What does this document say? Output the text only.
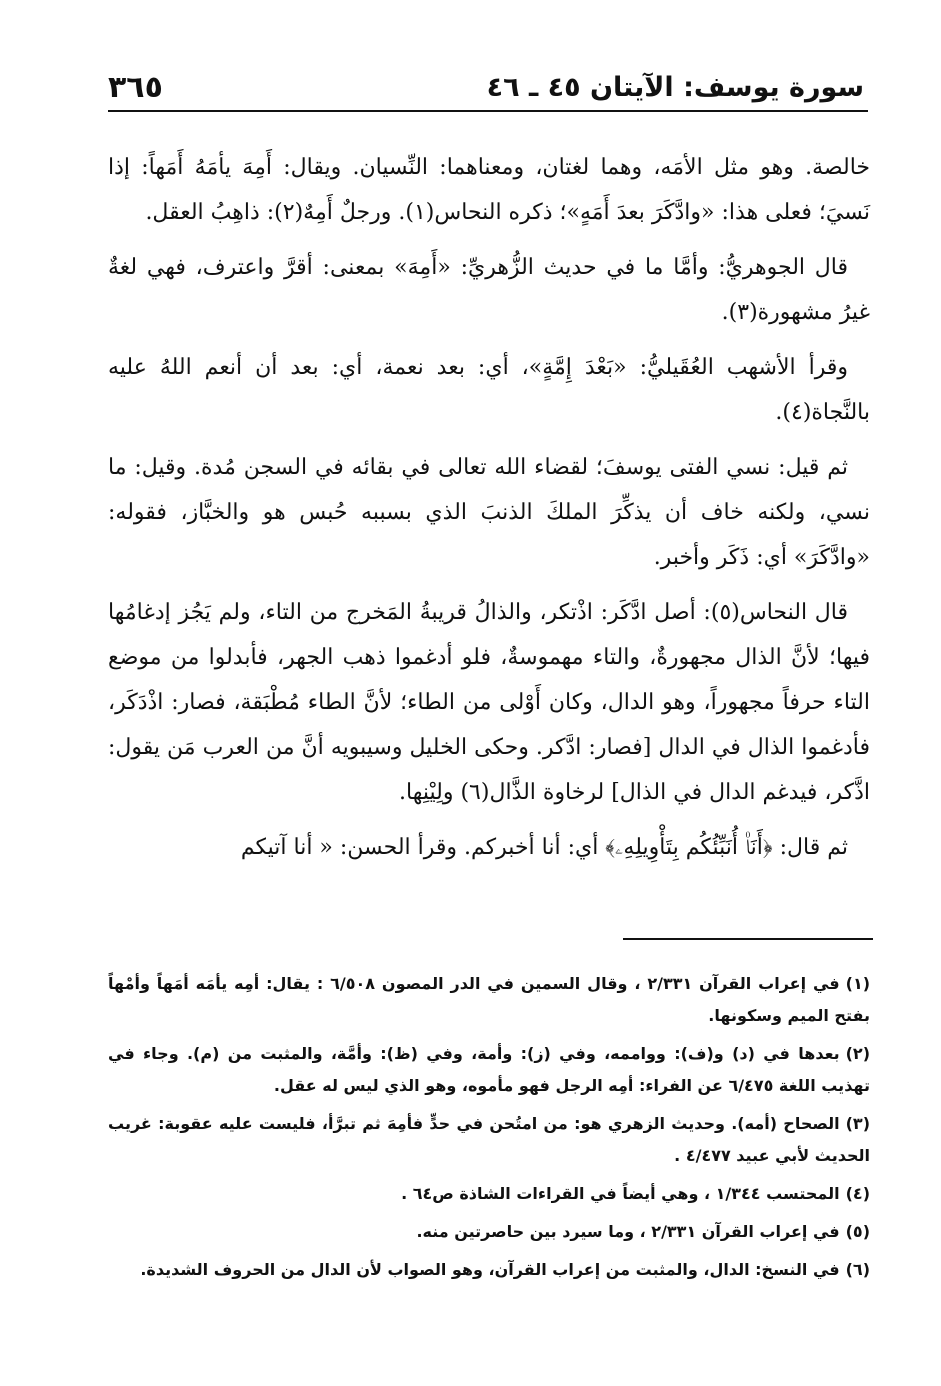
سورة يوسف: الآيتان ٤٥ ـ ٤٦
٣٦٥

خالصة. وهو مثل الأمَه، وهما لغتان، ومعناهما: النِّسيان. ويقال: أَمِهَ يأمَهُ أَمَهاً: إذا نَسيَ؛ فعلى هذا: «وادَّكَرَ بعدَ أَمَهٍ»؛ ذكره النحاس(١). ورجلٌ أَمِهٌ(٢): ذاهِبُ العقل.

قال الجوهريُّ: وأمَّا ما في حديث الزُّهريِّ: «أَمِهَ» بمعنى: أقرَّ واعترف، فهي لغةٌ غيرُ مشهورة(٣).

وقرأ الأشهب العُقَيليُّ: «بَعْدَ إِمَّةٍ»، أي: بعد نعمة، أي: بعد أن أنعم اللهُ عليه بالنَّجاة(٤).

ثم قيل: نسي الفتى يوسفَ؛ لقضاء الله تعالى في بقائه في السجن مُدة. وقيل: ما نسي، ولكنه خاف أن يذكِّرَ الملكَ الذنبَ الذي بسببه حُبس هو والخبَّاز، فقوله: «وادَّكَرَ» أي: ذَكَر وأخبر.

قال النحاس(٥): أصل ادَّكَر: اذْتكر، والذالُ قريبةُ المَخرج من التاء، ولم يَجُز إدغامُها فيها؛ لأنَّ الذال مجهورةٌ، والتاء مهموسةٌ، فلو أدغموا ذهب الجهر، فأبدلوا من موضع التاء حرفاً مجهوراً، وهو الدال، وكان أَوْلى من الطاء؛ لأنَّ الطاء مُطْبَقة، فصار: اذْدَكَر، فأدغموا الذال في الدال [فصار: ادَّكر. وحكى الخليل وسيبويه أنَّ من العرب مَن يقول: اذَّكر، فيدغم الدال في الذال] لرخاوة الذَّال(٦) ولِيْنِها.

ثم قال: ﴿أَنَا۠ أُنَبِّئُكُم بِتَأْوِيلِهِۦ﴾ أي: أنا أخبركم. وقرأ الحسن: « أنا آتيكم

(١)في إعراب القرآن ٢/٣٣١ ، وقال السمين في الدر المصون ٦/٥٠٨ : يقال: أمِه يأمَه أمَهاً وأمْهاً بفتح الميم وسكونها.

(٢)بعدها في (د) و(ف): وواممه، وفي (ز): وأمة، وفي (ظ): وأمَّة، والمثبت من (م). وجاء في تهذيب اللغة ٦/٤٧٥ عن الفراء: أمِه الرجل فهو مأموه، وهو الذي ليس له عقل.

(٣)الصحاح (أمه). وحديث الزهري هو: من امتُحن في حدٍّ فأمِهَ ثم تبرَّأ، فليست عليه عقوبة: غريب الحديث لأبي عبيد ٤/٤٧٧ .

(٤)المحتسب ١/٣٤٤ ، وهي أيضاً في القراءات الشاذة ص٦٤ .

(٥)في إعراب القرآن ٢/٣٣١ ، وما سيرد بين حاصرتين منه.

(٦)في النسخ: الدال، والمثبت من إعراب القرآن، وهو الصواب لأن الدال من الحروف الشديدة.
